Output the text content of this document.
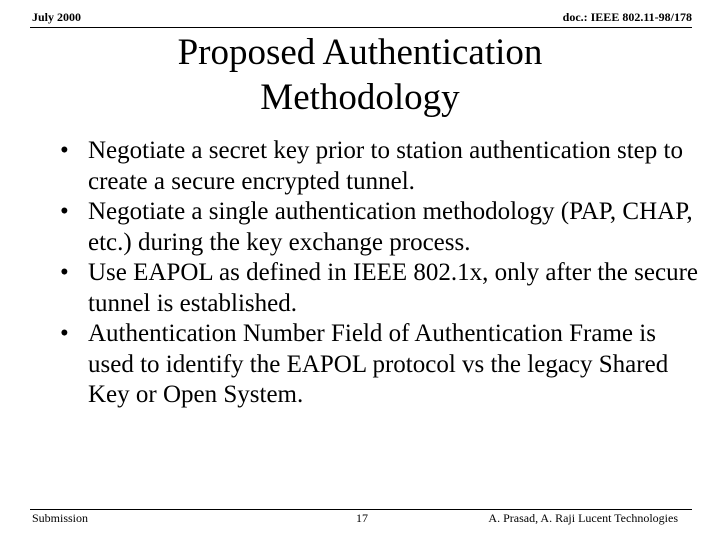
July 2000	doc.: IEEE 802.11-98/178
Proposed Authentication
Methodology
• Negotiate a secret key prior to station authentication step to create a secure encrypted tunnel.
• Negotiate a single authentication methodology (PAP, CHAP, etc.) during the key exchange process.
• Use EAPOL as defined in IEEE 802.1x, only after the secure tunnel is established.
• Authentication Number Field of Authentication Frame is used to identify the EAPOL protocol vs the legacy Shared Key or Open System.
Submission	17	A. Prasad, A. Raji Lucent Technologies
